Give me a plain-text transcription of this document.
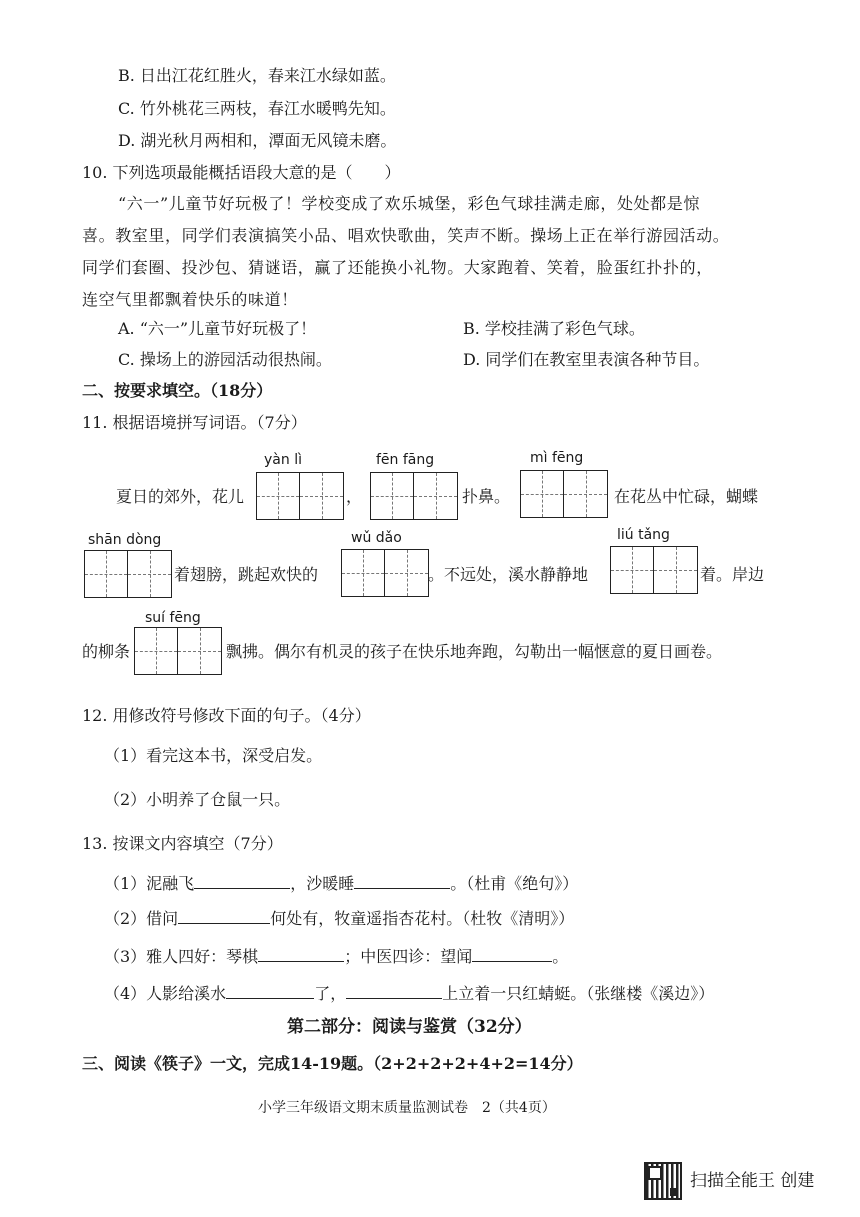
B. 日出江花红胜火，春来江水绿如蓝。
C. 竹外桃花三两枝，春江水暖鸭先知。
D. 湖光秋月两相和，潭面无风镜未磨。
10. 下列选项最能概括语段大意的是（　　）
“六一”儿童节好玩极了！学校变成了欢乐城堡，彩色气球挂满走廊，处处都是惊
喜。教室里，同学们表演搞笑小品、唱欢快歌曲，笑声不断。操场上正在举行游园活动。
同学们套圈、投沙包、猜谜语，赢了还能换小礼物。大家跑着、笑着，脸蛋红扑扑的，
连空气里都飘着快乐的味道！
A. “六一”儿童节好玩极了！	B. 学校挂满了彩色气球。
C. 操场上的游园活动很热闹。	D. 同学们在教室里表演各种节目。
二、按要求填空。（18分）
11. 根据语境拼写词语。（7分）
yàn lì	fēn fāng	mì fēng
夏日的郊外，花儿	，	扑鼻。	在花丛中忙碌，蝴蝶
shān dòng	wǔ dǎo	liú tǎng
着翅膀，跳起欢快的	。不远处，溪水静静地	着。岸边
suí fēng
的柳条	飘拂。偶尔有机灵的孩子在快乐地奔跑，勾勒出一幅惬意的夏日画卷。
12. 用修改符号修改下面的句子。（4分）
（1）看完这本书，深受启发。
（2）小明养了仓鼠一只。
13. 按课文内容填空（7分）
（1）泥融飞	，沙暖睡	。（杜甫《绝句》）
（2）借问	何处有，牧童遥指杏花村。（杜牧《清明》）
（3）雅人四好：琴棋	；中医四诊：望闻	。
（4）人影给溪水	了，	上立着一只红蜻蜓。（张继楼《溪边》）
第二部分：阅读与鉴赏（32分）
三、阅读《筷子》一文，完成14-19题。（2+2+2+2+4+2=14分）
小学三年级语文期末质量监测试卷　2（共4页）
扫描全能王 创建
